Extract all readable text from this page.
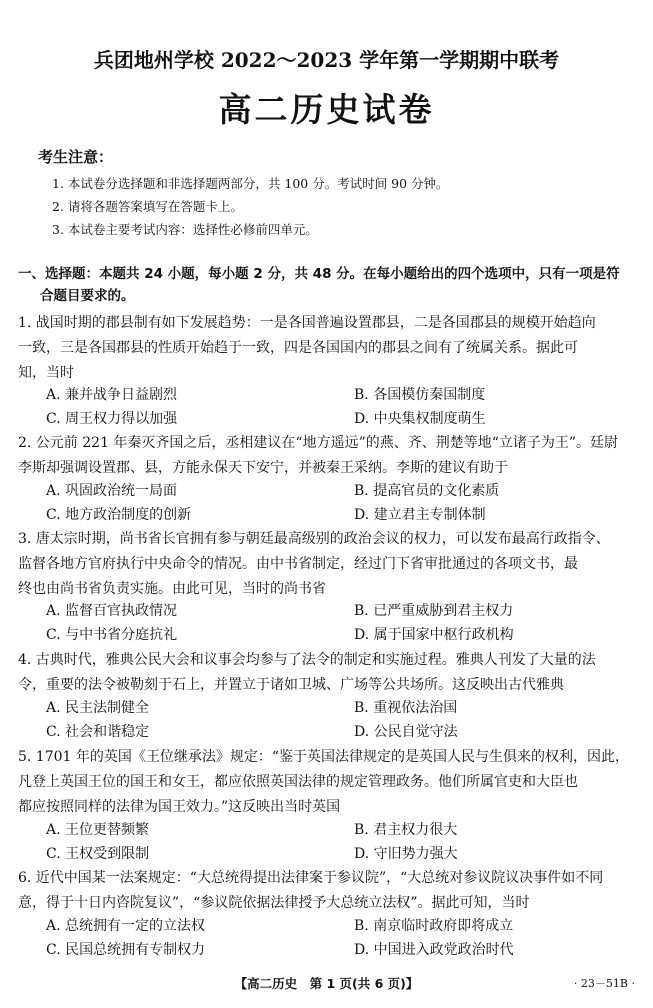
兵团地州学校 2022～2023 学年第一学期期中联考
高二历史试卷
考生注意：
1. 本试卷分选择题和非选择题两部分，共 100 分。考试时间 90 分钟。
2. 请将各题答案填写在答题卡上。
3. 本试卷主要考试内容：选择性必修前四单元。
一、选择题：本题共 24 小题，每小题 2 分，共 48 分。在每小题给出的四个选项中，只有一项是符
合题目要求的。
1. 战国时期的郡县制有如下发展趋势：一是各国普遍设置郡县，二是各国郡县的规模开始趋向
一致，三是各国郡县的性质开始趋于一致，四是各国国内的郡县之间有了统属关系。据此可
知，当时
A. 兼并战争日益剧烈	B. 各国模仿秦国制度
C. 周王权力得以加强	D. 中央集权制度萌生
2. 公元前 221 年秦灭齐国之后，丞相建议在“地方遥远”的燕、齐、荆楚等地“立诸子为王”。廷尉
李斯却强调设置郡、县，方能永保天下安宁，并被秦王采纳。李斯的建议有助于
A. 巩固政治统一局面	B. 提高官员的文化素质
C. 地方政治制度的创新	D. 建立君主专制体制
3. 唐太宗时期，尚书省长官拥有参与朝廷最高级别的政治会议的权力，可以发布最高行政指令、
监督各地方官府执行中央命令的情况。由中书省制定，经过门下省审批通过的各项文书，最
终也由尚书省负责实施。由此可见，当时的尚书省
A. 监督百官执政情况	B. 已严重威胁到君主权力
C. 与中书省分庭抗礼	D. 属于国家中枢行政机构
4. 古典时代，雅典公民大会和议事会均参与了法令的制定和实施过程。雅典人刊发了大量的法
令，重要的法令被勒刻于石上，并置立于诸如卫城、广场等公共场所。这反映出古代雅典
A. 民主法制健全	B. 重视依法治国
C. 社会和谐稳定	D. 公民自觉守法
5. 1701 年的英国《王位继承法》规定：“鉴于英国法律规定的是英国人民与生俱来的权利，因此，
凡登上英国王位的国王和女王，都应依照英国法律的规定管理政务。他们所属官吏和大臣也
都应按照同样的法律为国王效力。”这反映出当时英国
A. 王位更替频繁	B. 君主权力很大
C. 王权受到限制	D. 守旧势力强大
6. 近代中国某一法案规定：“大总统得提出法律案于参议院”，“大总统对参议院议决事件如不同
意，得于十日内咨院复议”，“参议院依据法律授予大总统立法权”。据此可知，当时
A. 总统拥有一定的立法权	B. 南京临时政府即将成立
C. 民国总统拥有专制权力	D. 中国进入政党政治时代
【高二历史　第 1 页(共 6 页)】	· 23－51B ·
